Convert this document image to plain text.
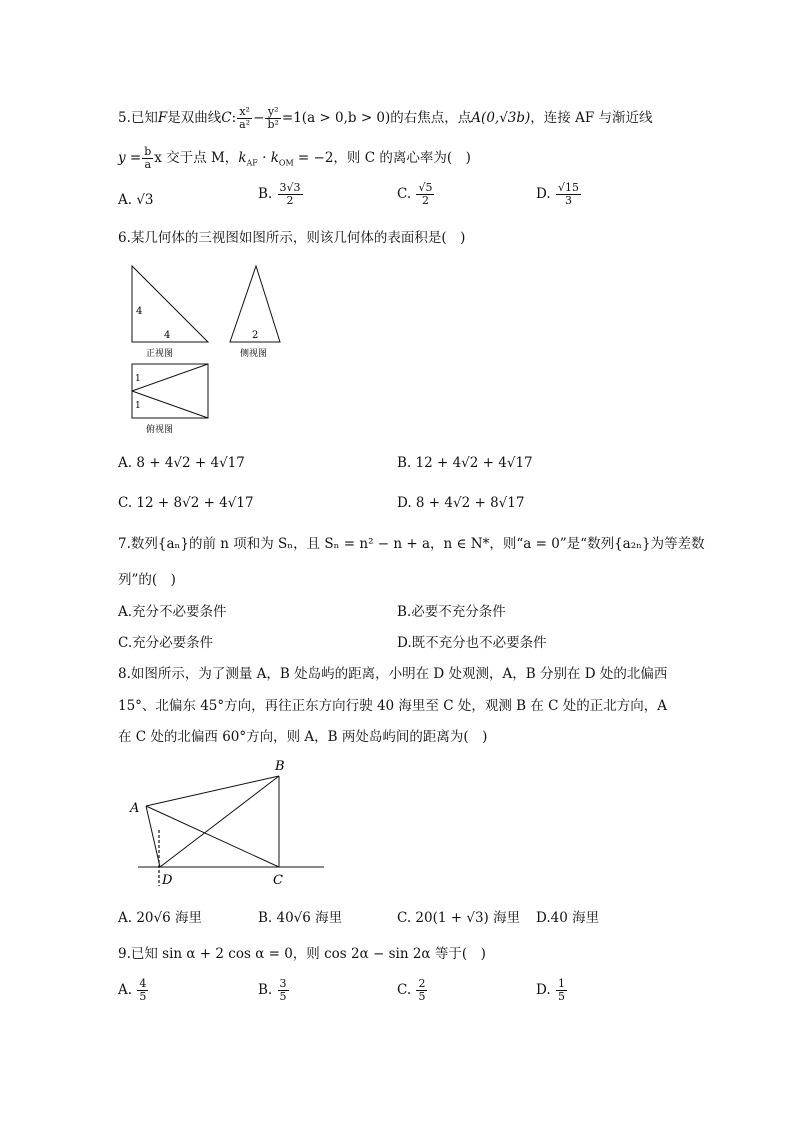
5.已知F是双曲线C: $\frac{\text{x²}}{\text{a²}} - \frac{\text{y²}}{\text{b²}} =1(a > 0,b > 0)$的右焦点，点A(0,√3b)，连接 AF 与渐近线
$y = \frac{b}{a}$ x 交于点 M，$k_{AF} \cdot k_{OM} = -2$，则 C 的离心率为(　)
A. √3	B. $\frac{3√3}{2}$	C. $\frac{√5}{2}$	D. $\frac{√15}{3}$
6.某几何体的三视图如图所示，则该几何体的表面积是(　)
4
4
正视图
2
侧视图
1
1
俯视图
A. 8 + 4√2 + 4√17	B. 12 + 4√2 + 4√17
C. 12 + 8√2 + 4√17	D. 8 + 4√2 + 8√17
7.数列{aₙ}的前 n 项和为 Sₙ，且 Sₙ = n² − n + a，n ∈ N*，则“a = 0”是“数列{a₂ₙ}为等差数
列”的(　)
A.充分不必要条件	B.必要不充分条件
C.充分必要条件	D.既不充分也不必要条件
8.如图所示，为了测量 A，B 处岛屿的距离，小明在 D 处观测，A，B 分别在 D 处的北偏西
15°、北偏东 45°方向，再往正东方向行驶 40 海里至 C 处，观测 B 在 C 处的正北方向，A
在 C 处的北偏西 60°方向，则 A，B 两处岛屿间的距离为(　)
A
B
C
D
A. 20√6 海里	B. 40√6 海里	C. 20(1 + √3) 海里 D.40 海里
9.已知 sin α + 2 cos α = 0，则 cos 2α − sin 2α 等于(　)
A. $\frac{4}{5}$	B. $\frac{3}{5}$	C. $\frac{2}{5}$	D. $\frac{1}{5}$
